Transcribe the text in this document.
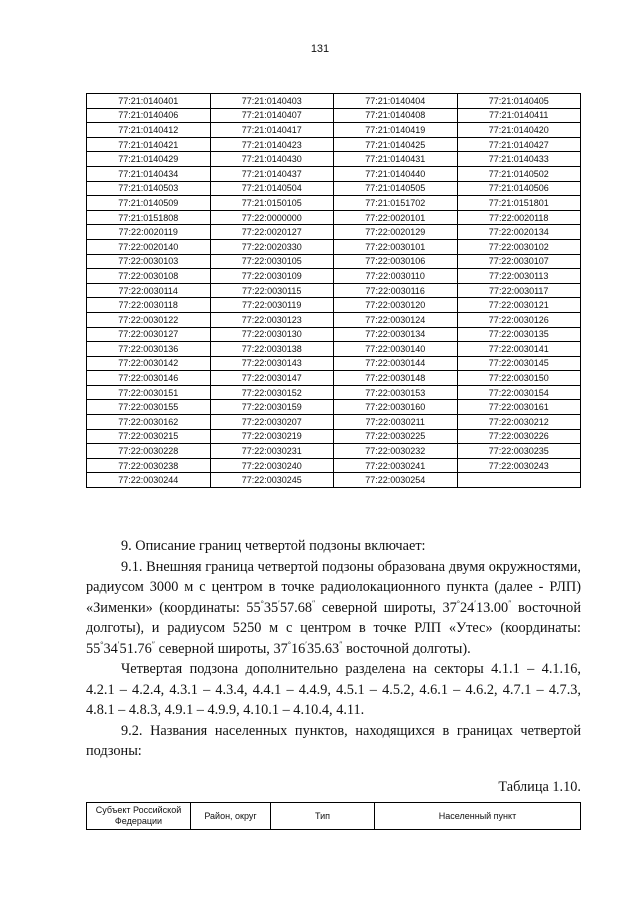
131
77:21:0140401	77:21:0140403	77:21:0140404	77:21:0140405
77:21:0140406	77:21:0140407	77:21:0140408	77:21:0140411
77:21:0140412	77:21:0140417	77:21:0140419	77:21:0140420
77:21:0140421	77:21:0140423	77:21:0140425	77:21:0140427
77:21:0140429	77:21:0140430	77:21:0140431	77:21:0140433
77:21:0140434	77:21:0140437	77:21:0140440	77:21:0140502
77:21:0140503	77:21:0140504	77:21:0140505	77:21:0140506
77:21:0140509	77:21:0150105	77:21:0151702	77:21:0151801
77:21:0151808	77:22:0000000	77:22:0020101	77:22:0020118
77:22:0020119	77:22:0020127	77:22:0020129	77:22:0020134
77:22:0020140	77:22:0020330	77:22:0030101	77:22:0030102
77:22:0030103	77:22:0030105	77:22:0030106	77:22:0030107
77:22:0030108	77:22:0030109	77:22:0030110	77:22:0030113
77:22:0030114	77:22:0030115	77:22:0030116	77:22:0030117
77:22:0030118	77:22:0030119	77:22:0030120	77:22:0030121
77:22:0030122	77:22:0030123	77:22:0030124	77:22:0030126
77:22:0030127	77:22:0030130	77:22:0030134	77:22:0030135
77:22:0030136	77:22:0030138	77:22:0030140	77:22:0030141
77:22:0030142	77:22:0030143	77:22:0030144	77:22:0030145
77:22:0030146	77:22:0030147	77:22:0030148	77:22:0030150
77:22:0030151	77:22:0030152	77:22:0030153	77:22:0030154
77:22:0030155	77:22:0030159	77:22:0030160	77:22:0030161
77:22:0030162	77:22:0030207	77:22:0030211	77:22:0030212
77:22:0030215	77:22:0030219	77:22:0030225	77:22:0030226
77:22:0030228	77:22:0030231	77:22:0030232	77:22:0030235
77:22:0030238	77:22:0030240	77:22:0030241	77:22:0030243
77:22:0030244	77:22:0030245	77:22:0030254	

9. Описание границ четвертой подзоны включает:

9.1. Внешняя граница четвертой подзоны образована двумя окружностями, радиусом 3000 м с центром в точке радиолокационного пункта (далее - РЛП) «Зименки» (координаты: 55°35′57.68″ северной широты, 37°24′13.00″ восточной долготы), и радиусом 5250 м с центром в точке РЛП «Утес» (координаты: 55°34′51.76″ северной широты, 37°16′35.63″ восточной долготы).

Четвертая подзона дополнительно разделена на секторы 4.1.1 – 4.1.16, 4.2.1 – 4.2.4, 4.3.1 – 4.3.4, 4.4.1 – 4.4.9, 4.5.1 – 4.5.2, 4.6.1 – 4.6.2, 4.7.1 – 4.7.3, 4.8.1 – 4.8.3, 4.9.1 – 4.9.9, 4.10.1 – 4.10.4, 4.11.

9.2. Названия населенных пунктов, находящихся в границах четвертой подзоны:

Таблица 1.10.
Субъект Российской Федерации	Район, округ	Тип	Населенный пункт
